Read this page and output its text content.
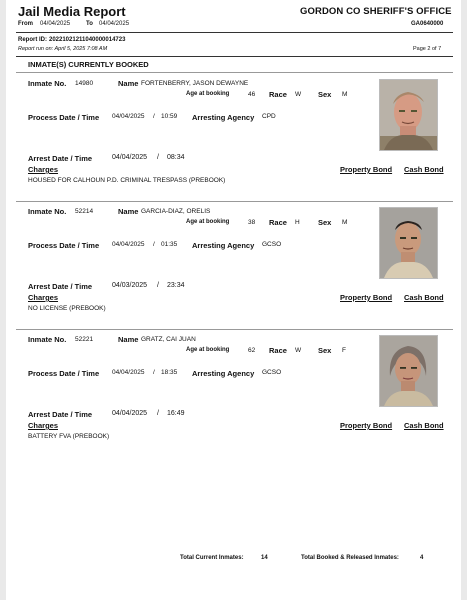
Jail Media Report
From 04/04/2025	To 04/04/2025
GORDON CO SHERIFF'S OFFICE
GA0640000
Report ID: 20221021211040000014723
Report run on: April 5, 2025 7:08 AM	Page 2 of 7
INMATE(S) CURRENTLY BOOKED
Inmate No. 14980	Name FORTENBERRY, JASON DEWAYNE
Age at booking	46 Race W Sex M
Process Date / Time 04/04/2025 / 10:59 Arresting Agency CPD
Arrest Date / Time	04/04/2025 / 08:34
Charges	Property Bond Cash Bond
HOUSED FOR CALHOUN P.D. CRIMINAL TRESPASS (PREBOOK)
Inmate No. 52214	Name GARCIA-DIAZ, ORELIS
Age at booking	38 Race H Sex M
Process Date / Time 04/04/2025 / 01:35 Arresting Agency GCSO
Arrest Date / Time	04/03/2025 / 23:34
Charges	Property Bond Cash Bond
NO LICENSE (PREBOOK)
Inmate No. 52221	Name GRATZ, CAI JUAN
Age at booking	62 Race W Sex F
Process Date / Time 04/04/2025 / 18:35 Arresting Agency GCSO
Arrest Date / Time	04/04/2025 / 16:49
Charges	Property Bond Cash Bond
BATTERY FVA (PREBOOK)
Total Current Inmates:	14	Total Booked & Released Inmates:	4
